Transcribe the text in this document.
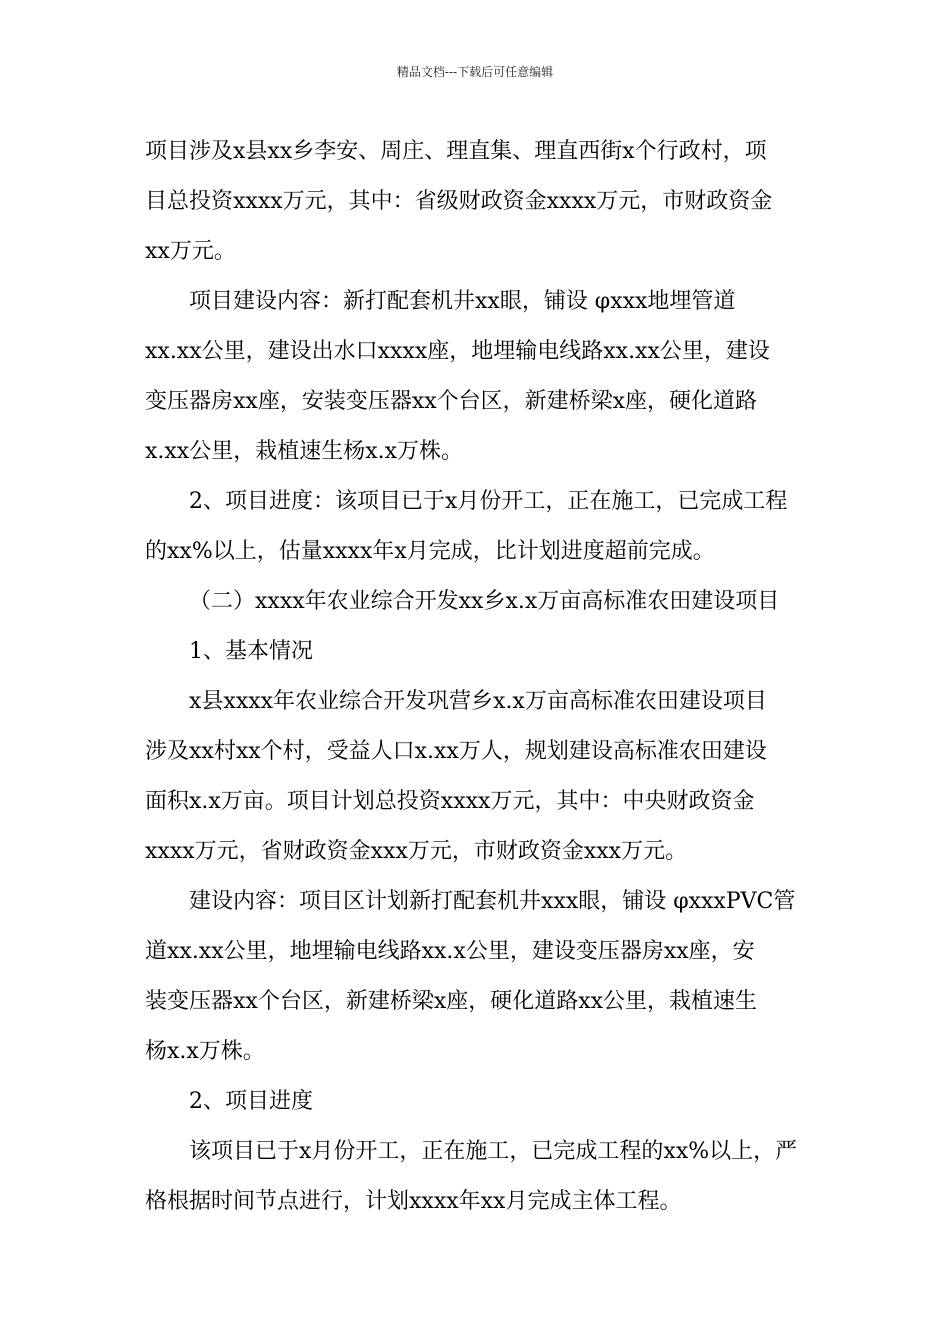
精品文档---下载后可任意编辑
项目涉及x县xx乡李安、周庄、理直集、理直西街x个行政村，项
目总投资xxxx万元，其中：省级财政资金xxxx万元，市财政资金
xx万元。
项目建设内容：新打配套机井xx眼，铺设 φxxx地埋管道
xx.xx公里，建设出水口xxxx座，地埋输电线路xx.xx公里，建设
变压器房xx座，安装变压器xx个台区，新建桥梁x座，硬化道路
x.xx公里，栽植速生杨x.x万株。
2、项目进度：该项目已于x月份开工，正在施工，已完成工程
的xx%以上，估量xxxx年x月完成，比计划进度超前完成。
（二）xxxx年农业综合开发xx乡x.x万亩高标准农田建设项目
1、基本情况
x县xxxx年农业综合开发巩营乡x.x万亩高标准农田建设项目
涉及xx村xx个村，受益人口x.xx万人，规划建设高标准农田建设
面积x.x万亩。项目计划总投资xxxx万元，其中：中央财政资金
xxxx万元，省财政资金xxx万元，市财政资金xxx万元。
建设内容：项目区计划新打配套机井xxx眼，铺设 φxxxPVC管
道xx.xx公里，地埋输电线路xx.x公里，建设变压器房xx座，安
装变压器xx个台区，新建桥梁x座，硬化道路xx公里，栽植速生
杨x.x万株。
2、项目进度
该项目已于x月份开工，正在施工，已完成工程的xx%以上，严
格根据时间节点进行，计划xxxx年xx月完成主体工程。
